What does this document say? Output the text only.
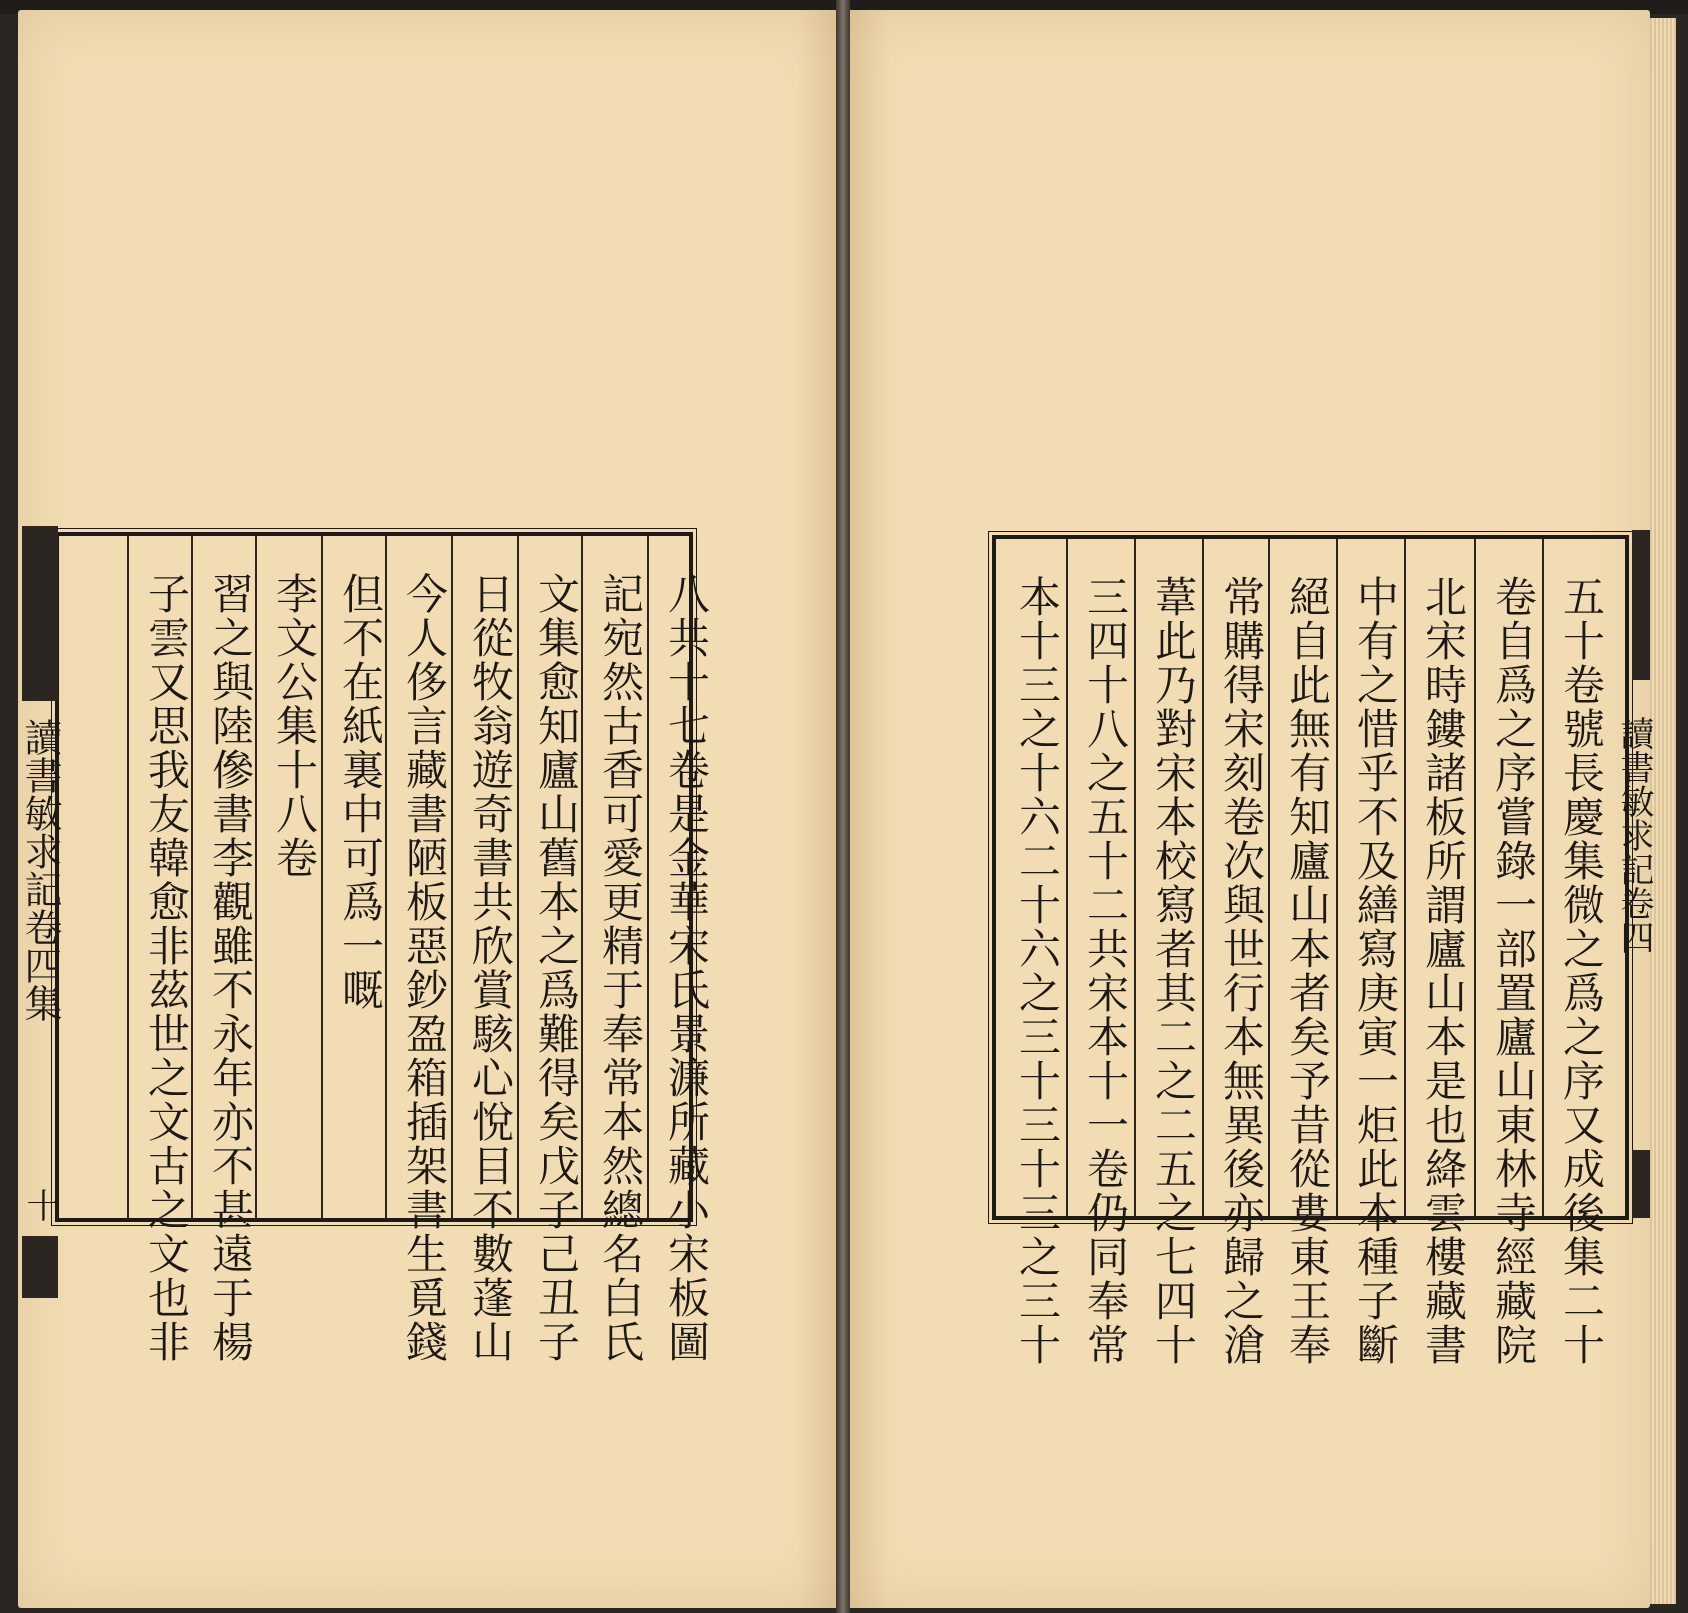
八共十七卷是金華宋氏景濂所藏小宋板圖
記宛然古香可愛更精于奉常本然總名白氏
文集愈知廬山舊本之爲難得矣戊子己丑子
日從牧翁遊奇書共欣賞駭心悅目不數蓬山
今人侈言藏書陋板惡鈔盈箱插架書生覓錢
但不在紙裏中可爲一嘅
李文公集十八卷
習之與陸傪書李觀雖不永年亦不甚遠于楊
子雲又思我友韓愈非茲世之文古之文也非
讀書敏求記卷四集
十	五十卷號長慶集微之爲之序又成後集二十
卷自爲之序嘗錄一部置廬山東林寺經藏院
北宋時鏤諸板所謂廬山本是也絳雲樓藏書
中有之惜乎不及繕寫庚寅一炬此本種子斷
絕自此無有知廬山本者矣予昔從婁東王奉
常購得宋刻卷次與世行本無異後亦歸之滄
葦此乃對宋本校寫者其二之二五之七四十
三四十八之五十二共宋本十一卷仍同奉常
本十三之十六二十六之三十三十三之三十	讀書敏求記卷四
